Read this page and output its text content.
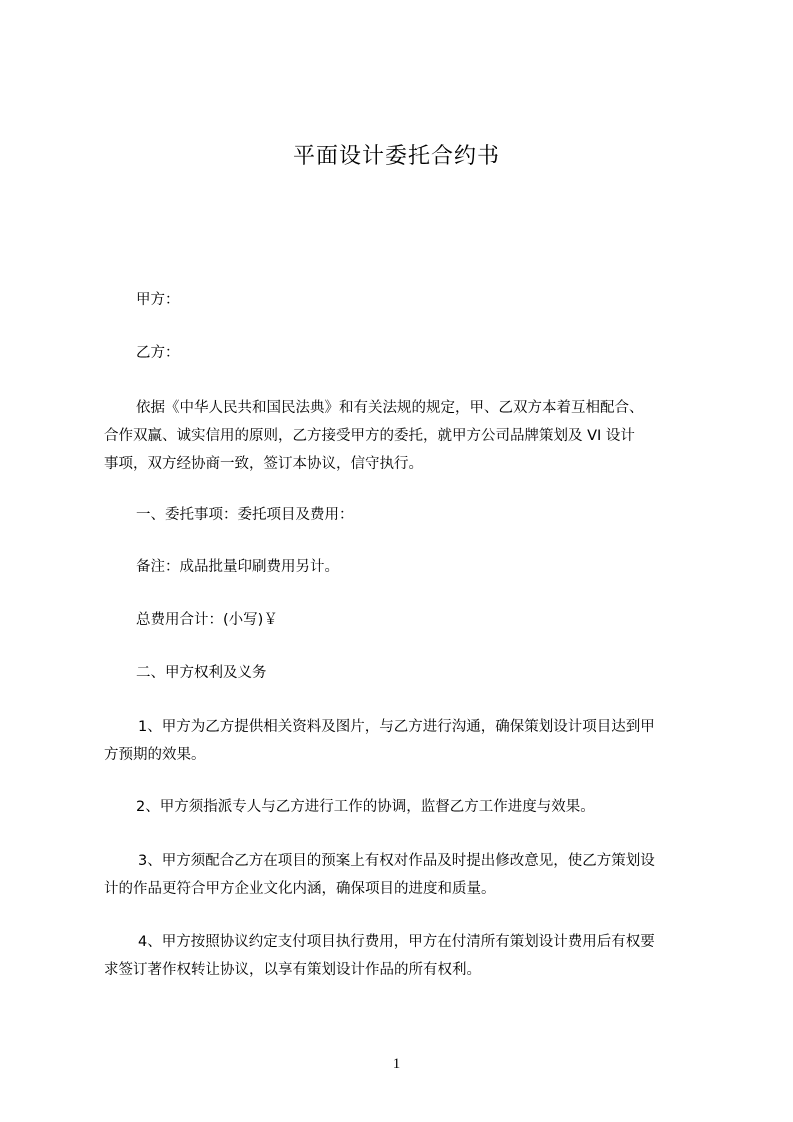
平面设计委托合约书

甲方：

乙方：

依据《中华人民共和国民法典》和有关法规的规定，甲、乙双方本着互相配合、
合作双赢、诚实信用的原则，乙方接受甲方的委托，就甲方公司品牌策划及 VI 设计
事项，双方经协商一致，签订本协议，信守执行。

一、委托事项：委托项目及费用：

备注：成品批量印刷费用另计。

总费用合计：(小写)￥

二、甲方权利及义务

1、甲方为乙方提供相关资料及图片，与乙方进行沟通，确保策划设计项目达到甲
方预期的效果。
2、甲方须指派专人与乙方进行工作的协调，监督乙方工作进度与效果。
3、甲方须配合乙方在项目的预案上有权对作品及时提出修改意见，使乙方策划设
计的作品更符合甲方企业文化内涵，确保项目的进度和质量。
4、甲方按照协议约定支付项目执行费用，甲方在付清所有策划设计费用后有权要
求签订著作权转让协议，以享有策划设计作品的所有权利。
1
